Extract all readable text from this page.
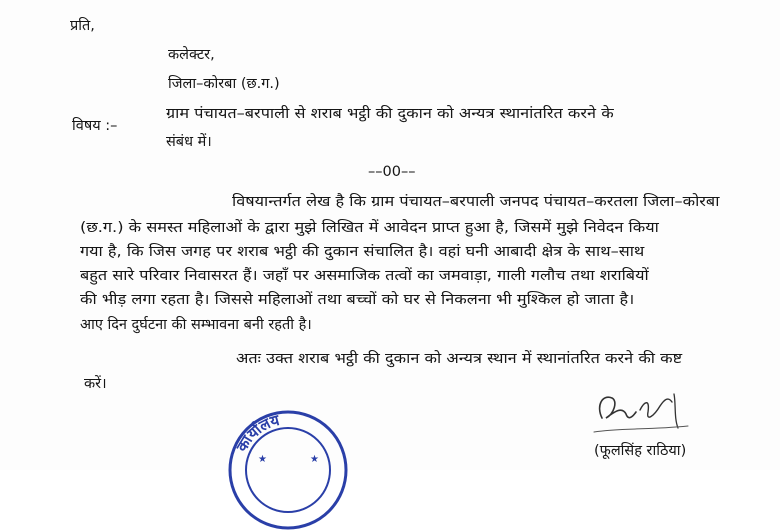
प्रति,
कलेक्टर,
जिला–कोरबा (छ.ग.)
विषय :–
ग्राम पंचायत–बरपाली से शराब भट्ठी की दुकान को अन्यत्र स्थानांतरित करने के
संबंध में।
––00––
विषयान्तर्गत लेख है कि ग्राम पंचायत–बरपाली जनपद पंचायत–करतला जिला–कोरबा
(छ.ग.) के समस्त महिलाओं के द्वारा मुझे लिखित में आवेदन प्राप्त हुआ है, जिसमें मुझे निवेदन किया
गया है, कि जिस जगह पर शराब भट्ठी की दुकान संचालित है। वहां घनी आबादी क्षेत्र के साथ–साथ
बहुत सारे परिवार निवासरत हैं। जहाँ पर असमाजिक तत्वों का जमवाड़ा, गाली गलौच तथा शराबियों
की भीड़ लगा रहता है। जिससे महिलाओं तथा बच्चों को घर से निकलना भी मुश्किल हो जाता है।
आए दिन दुर्घटना की सम्भावना बनी रहती है।
अतः उक्त शराब भट्ठी की दुकान को अन्यत्र स्थान में स्थानांतरित करने की कष्ट
करें।
(फूलसिंह राठिया)
कार्यालय
★	★
